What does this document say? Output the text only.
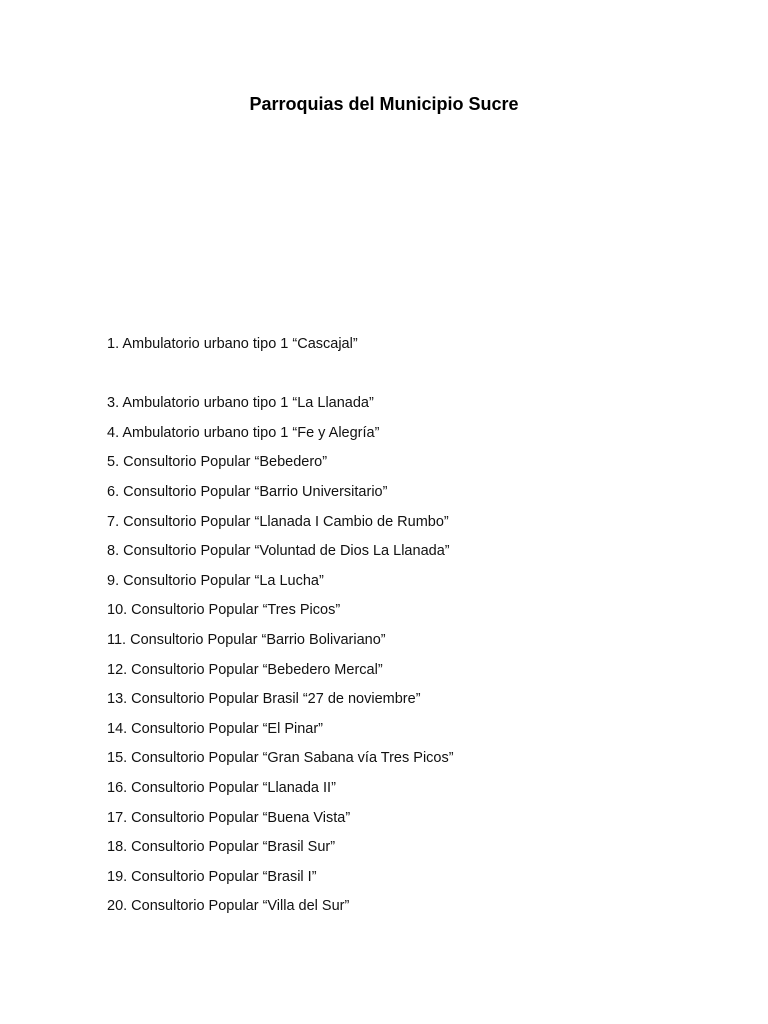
Parroquias del Municipio Sucre
1. Ambulatorio urbano tipo 1 “Cascajal”
3. Ambulatorio urbano tipo 1 “La Llanada”
4. Ambulatorio urbano tipo 1 “Fe y Alegría”
5. Consultorio Popular “Bebedero”
6. Consultorio Popular “Barrio Universitario”
7. Consultorio Popular “Llanada I Cambio de Rumbo”
8. Consultorio Popular “Voluntad de Dios La Llanada”
9. Consultorio Popular “La Lucha”
10. Consultorio Popular “Tres Picos”
11. Consultorio Popular “Barrio Bolivariano”
12. Consultorio Popular “Bebedero Mercal”
13. Consultorio Popular Brasil “27 de noviembre”
14. Consultorio Popular “El Pinar”
15. Consultorio Popular “Gran Sabana vía Tres Picos”
16. Consultorio Popular “Llanada II”
17. Consultorio Popular “Buena Vista”
18. Consultorio Popular “Brasil Sur”
19. Consultorio Popular “Brasil I”
20. Consultorio Popular “Villa del Sur”
